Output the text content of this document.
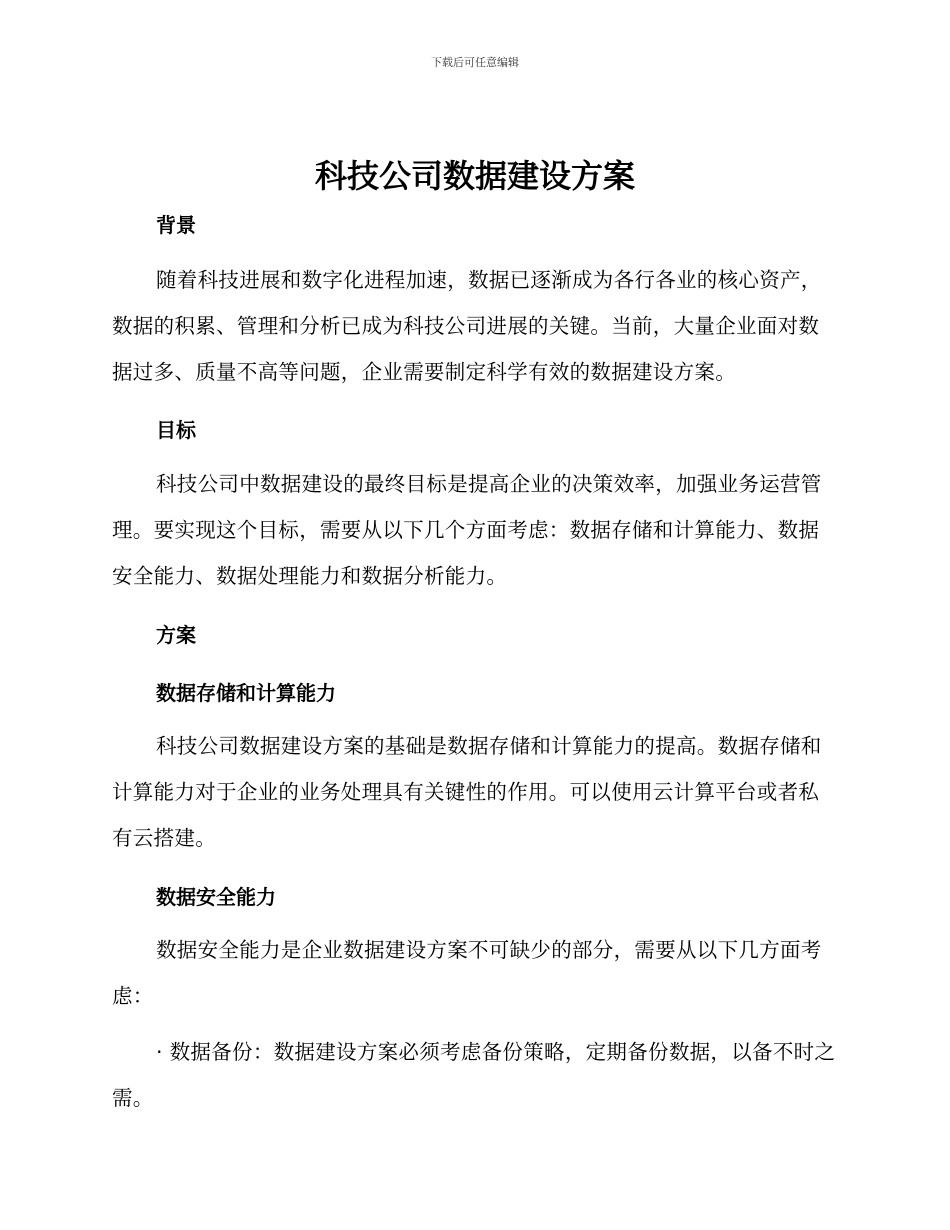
下载后可任意编辑
科技公司数据建设方案
背景
随着科技进展和数字化进程加速，数据已逐渐成为各行各业的核心资产，数据的积累、管理和分析已成为科技公司进展的关键。当前，大量企业面对数据过多、质量不高等问题，企业需要制定科学有效的数据建设方案。
目标
科技公司中数据建设的最终目标是提高企业的决策效率，加强业务运营管理。要实现这个目标，需要从以下几个方面考虑：数据存储和计算能力、数据安全能力、数据处理能力和数据分析能力。
方案
数据存储和计算能力
科技公司数据建设方案的基础是数据存储和计算能力的提高。数据存储和计算能力对于企业的业务处理具有关键性的作用。可以使用云计算平台或者私有云搭建。
数据安全能力
数据安全能力是企业数据建设方案不可缺少的部分，需要从以下几方面考虑：
· 数据备份：数据建设方案必须考虑备份策略，定期备份数据，以备不时之需。
